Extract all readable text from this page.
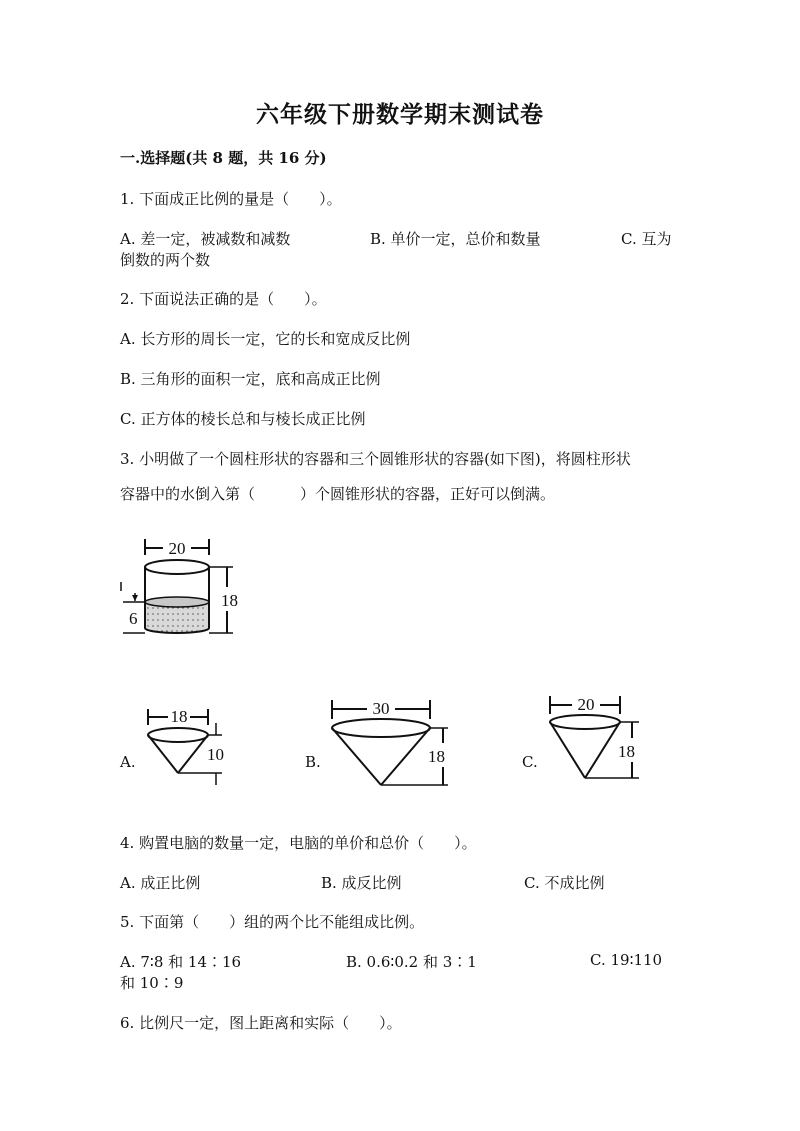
六年级下册数学期末测试卷
一.选择题(共 8 题，共 16 分)
1. 下面成正比例的量是（　　）。
A. 差一定，被减数和减数	B. 单价一定，总价和数量	C. 互为
倒数的两个数
2. 下面说法正确的是（　　）。
A. 长方形的周长一定，它的长和宽成反比例
B. 三角形的面积一定，底和高成正比例
C. 正方体的棱长总和与棱长成正比例
3. 小明做了一个圆柱形状的容器和三个圆锥形状的容器(如下图)，将圆柱形状
容器中的水倒入第（　　　）个圆锥形状的容器，正好可以倒满。
20
18
6
A.
18
10	B.
30
18	C.
20
18
4. 购置电脑的数量一定，电脑的单价和总价（　　）。
A. 成正比例	B. 成反比例	C. 不成比例
5. 下面第（　　）组的两个比不能组成比例。
A. 7∶8 和 14∶16	B. 0.6∶0.2 和 3∶1	C. 19∶110
和 10∶9
6. 比例尺一定，图上距离和实际（　　）。
